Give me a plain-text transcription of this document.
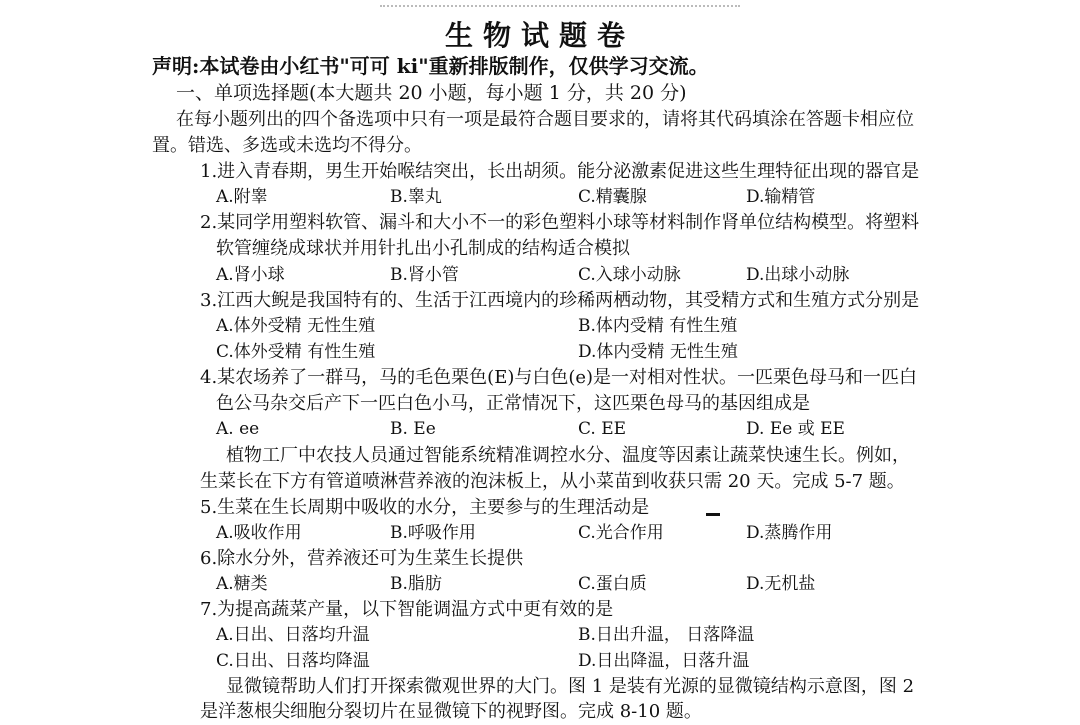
生物试题卷
声明:本试卷由小红书"可可 ki"重新排版制作，仅供学习交流。
一、单项选择题(本大题共 20 小题，每小题 1 分，共 20 分)
在每小题列出的四个备选项中只有一项是最符合题目要求的，请将其代码填涂在答题卡相应位
置。错选、多选或未选均不得分。
1.进入青春期，男生开始喉结突出，长出胡须。能分泌激素促进这些生理特征出现的器官是
A.附睾	B.睾丸	C.精囊腺	D.输精管
2.某同学用塑料软管、漏斗和大小不一的彩色塑料小球等材料制作肾单位结构模型。将塑料
软管缠绕成球状并用针扎出小孔制成的结构适合模拟
A.肾小球	B.肾小管	C.入球小动脉	D.出球小动脉
3.江西大鲵是我国特有的、生活于江西境内的珍稀两栖动物，其受精方式和生殖方式分别是
A.体外受精 无性生殖	B.体内受精 有性生殖
C.体外受精 有性生殖	D.体内受精 无性生殖
4.某农场养了一群马，马的毛色栗色(E)与白色(e)是一对相对性状。一匹栗色母马和一匹白
色公马杂交后产下一匹白色小马，正常情况下，这匹栗色母马的基因组成是
A. ee	B. Ee	C. EE	D. Ee 或 EE
植物工厂中农技人员通过智能系统精准调控水分、温度等因素让蔬菜快速生长。例如，
生菜长在下方有管道喷淋营养液的泡沫板上，从小菜苗到收获只需 20 天。完成 5-7 题。
5.生菜在生长周期中吸收的水分，主要参与的生理活动是
A.吸收作用	B.呼吸作用	C.光合作用	D.蒸腾作用
6.除水分外，营养液还可为生菜生长提供
A.糖类	B.脂肪	C.蛋白质	D.无机盐
7.为提高蔬菜产量，以下智能调温方式中更有效的是
A.日出、日落均升温	B.日出升温， 日落降温
C.日出、日落均降温	D.日出降温，日落升温
显微镜帮助人们打开探索微观世界的大门。图 1 是装有光源的显微镜结构示意图，图 2
是洋葱根尖细胞分裂切片在显微镜下的视野图。完成 8-10 题。
